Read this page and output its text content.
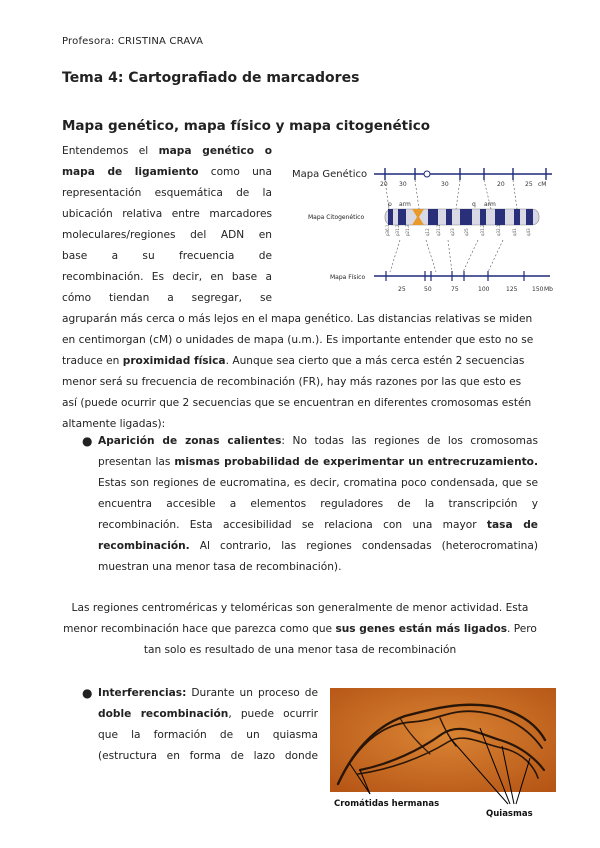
Profesora: CRISTINA CRAVA
Tema 4: Cartografiado de marcadores
Mapa genético, mapa físico y mapa citogenético
Entendemos el mapa genético o
mapa de ligamiento como una
representación esquemática de la
ubicación relativa entre marcadores
moleculares/regiones del ADN en
base a su frecuencia de
recombinación. Es decir, en base a
cómo tiendan a segregar, se
Mapa Genético
20 30	30	20	25 cM
Mapa Citogenético
p arm	q arm
p36.1 p31.2 p21.3	q12 q21.1 q23 q25	q31.2	q32.1	q41 q43
Mapa Físico
25	50	75	100	125 150 Mb
agruparán más cerca o más lejos en el mapa genético. Las distancias relativas se miden
en centimorgan (cM) o unidades de mapa (u.m.). Es importante entender que esto no se
traduce en proximidad física. Aunque sea cierto que a más cerca estén 2 secuencias
menor será su frecuencia de recombinación (FR), hay más razones por las que esto es
así (puede ocurrir que 2 secuencias que se encuentran en diferentes cromosomas estén
altamente ligadas):
● Aparición de zonas calientes: No todas las regiones de los cromosomas
presentan las mismas probabilidad de experimentar un entrecruzamiento.
Estas son regiones de eucromatina, es decir, cromatina poco condensada, que se
encuentra accesible a elementos reguladores de la transcripción y
recombinación. Esta accesibilidad se relaciona con una mayor tasa de
recombinación. Al contrario, las regiones condensadas (heterocromatina)
muestran una menor tasa de recombinación).
Las regiones centroméricas y teloméricas son generalmente de menor actividad. Esta
menor recombinación hace que parezca como que sus genes están más ligados. Pero
tan solo es resultado de una menor tasa de recombinación
● Interferencias: Durante un proceso de
doble recombinación, puede ocurrir
que la formación de un quiasma
(estructura en forma de lazo donde
Cromátidas hermanas
Quiasmas
